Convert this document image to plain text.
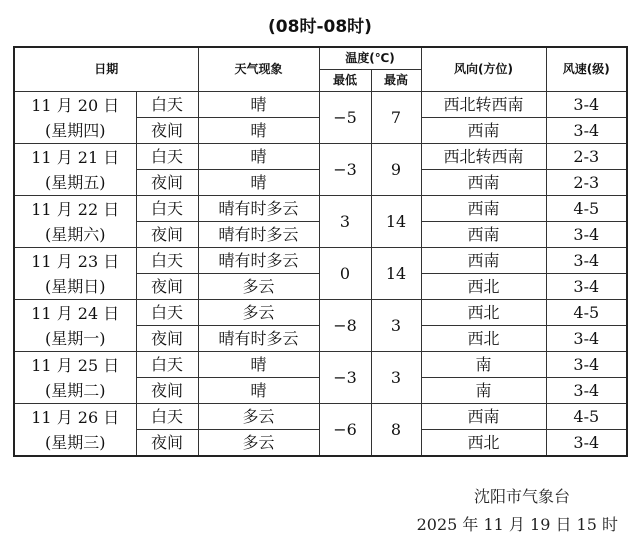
(08时-08时)
日期		天气现象	温度(℃)		风向(方位)	风速(级)
			最低	最高		

11 月 20 日
(星期四)	白天	晴	−5	7	西北转西南	3-4
	夜间	晴			西南	3-4

11 月 21 日
(星期五)	白天	晴	−3	9	西北转西南	2-3
	夜间	晴			西南	2-3

11 月 22 日
(星期六)	白天	晴有时多云	3	14	西南	4-5
	夜间	晴有时多云			西南	3-4

11 月 23 日
(星期日)	白天	晴有时多云	0	14	西南	3-4
	夜间	多云			西北	3-4

11 月 24 日
(星期一)	白天	多云	−8	3	西北	4-5
	夜间	晴有时多云			西北	3-4

11 月 25 日
(星期二)	白天	晴	−3	3	南	3-4
	夜间	晴			南	3-4

11 月 26 日
(星期三)	白天	多云	−6	8	西南	4-5
	夜间	多云			西北	3-4
沈阳市气象台
2025 年 11 月 19 日 15 时
